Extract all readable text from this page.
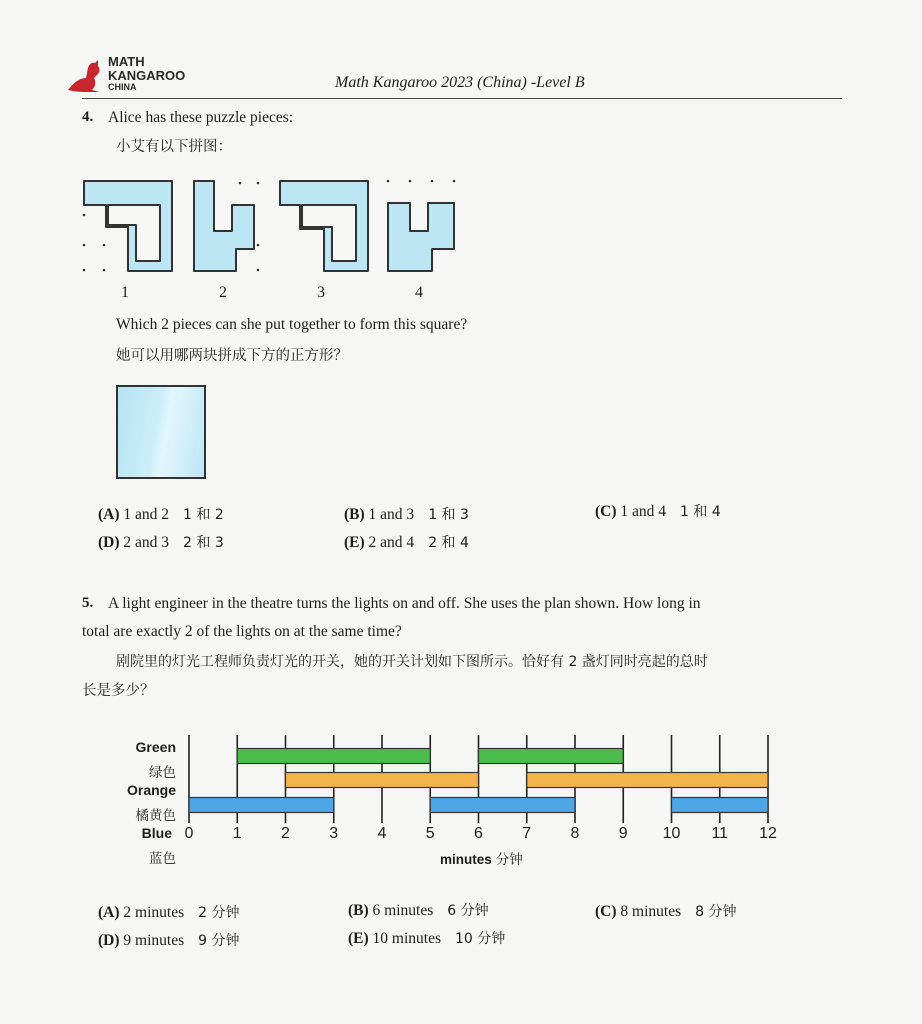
MATH
KANGAROO
CHINA	Math Kangaroo 2023 (China) -Level B
4. Alice has these puzzle pieces:
小艾有以下拼图：
1	2	3	4
Which 2 pieces can she put together to form this square?
她可以用哪两块拼成下方的正方形？
(A) 1 and 2 1 和 2	(B) 1 and 3 1 和 3	(C) 1 and 4 1 和 4
(D) 2 and 3 2 和 3	(E) 2 and 4 2 和 4
5. A light engineer in the theatre turns the lights on and off. She uses the plan shown. How long in
total are exactly 2 of the lights on at the same time?
剧院里的灯光工程师负责灯光的开关，她的开关计划如下图所示。恰好有 2 盏灯同时亮起的总时
长是多少？
Green
绿色
Orange
橘黄色
Blue
蓝色
0	1	2	3	4	5	6	7	8	9	10 11 12
minutes 分钟
(A) 2 minutes 2 分钟	(B) 6 minutes 6 分钟	(C) 8 minutes 8 分钟
(D) 9 minutes 9 分钟	(E) 10 minutes 10 分钟
